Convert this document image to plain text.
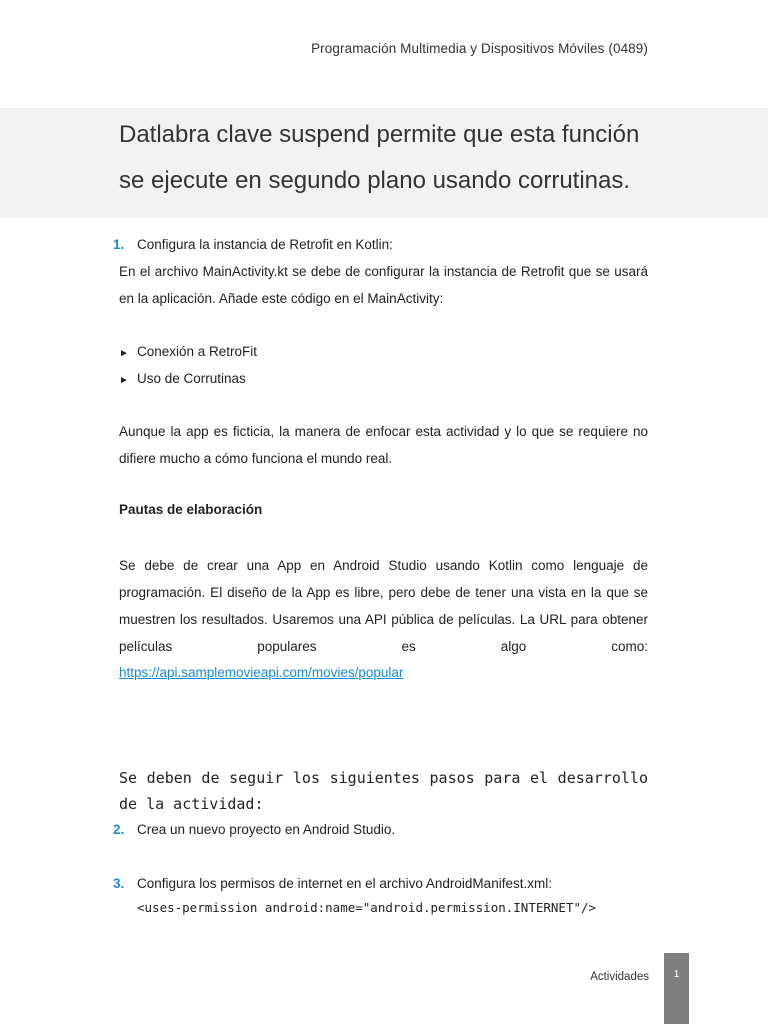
Programación Multimedia y Dispositivos Móviles (0489)
Datlabra clave suspend permite que esta función
se ejecute en segundo plano usando corrutinas.
1. Configura la instancia de Retrofit en Kotlin:
En el archivo MainActivity.kt se debe de configurar la instancia de Retrofit que se usará en la aplicación. Añade este código en el MainActivity:
► Conexión a RetroFit
► Uso de Corrutinas
Aunque la app es ficticia, la manera de enfocar esta actividad y lo que se requiere no difiere mucho a cómo funciona el mundo real.
Pautas de elaboración
Se debe de crear una App en Android Studio usando Kotlin como lenguaje de programación. El diseño de la App es libre, pero debe de tener una vista en la que se muestren los resultados. Usaremos una API pública de películas. La URL para obtener películas populares es algo como:
https://api.samplemovieapi.com/movies/popular
Se deben de seguir los siguientes pasos para el desarrollo de la actividad:
2. Crea un nuevo proyecto en Android Studio.
3. Configura los permisos de internet en el archivo AndroidManifest.xml:
<uses-permission android:name="android.permission.INTERNET"/>
Actividades	1
